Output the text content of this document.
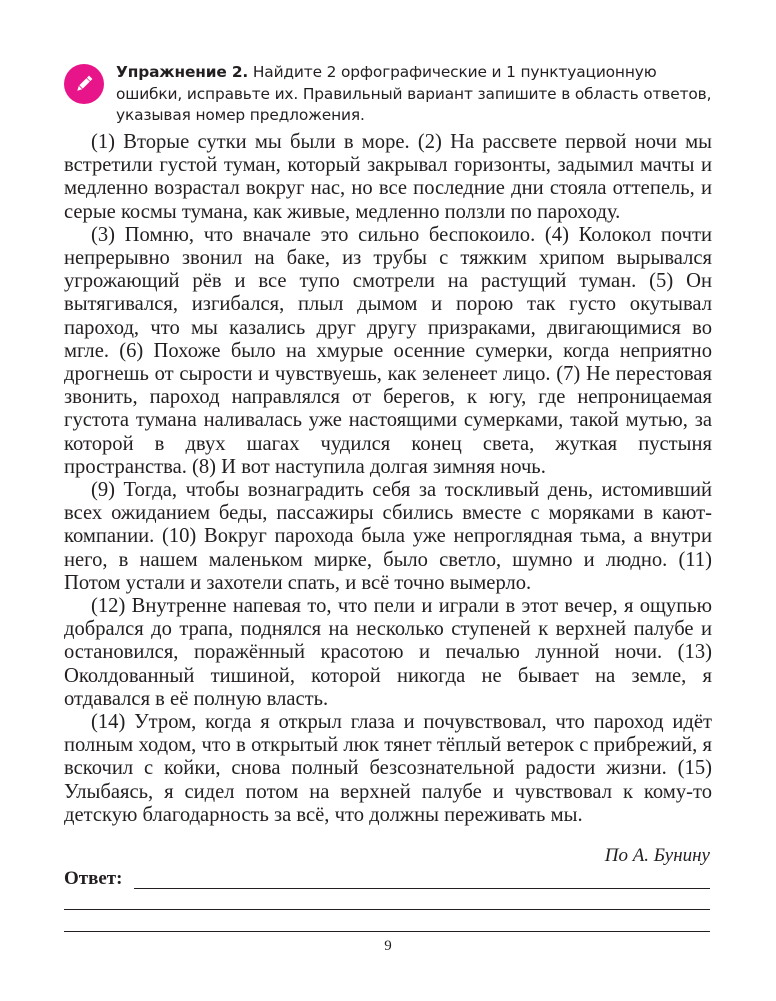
Упражнение 2. Найдите 2 орфографические и 1 пунктуационную ошибки, исправьте их. Правильный вариант запишите в область ответов, указывая номер предложения.

(1) Вторые сутки мы были в море. (2) На рассвете первой ночи мы встретили густой туман, который закрывал горизонты, задымил мачты и медленно возрастал вокруг нас, но все последние дни стояла оттепель, и серые космы тумана, как живые, медленно ползли по пароходу.

(3) Помню, что вначале это сильно беспокоило. (4) Колокол почти непрерывно звонил на баке, из трубы с тяжким хрипом вырывался угрожающий рёв и все тупо смотрели на растущий туман. (5) Он вытягивался, изгибался, плыл дымом и порою так густо окутывал пароход, что мы казались друг другу призраками, двигающимися во мгле. (6) Похоже было на хмурые осенние сумерки, когда неприятно дрогнешь от сырости и чувствуешь, как зеленеет лицо. (7) Не перестовая звонить, пароход направлялся от берегов, к югу, где непроницаемая густота тумана наливалась уже настоящими сумерками, такой мутью, за которой в двух шагах чудился конец света, жуткая пустыня пространства. (8) И вот наступила долгая зимняя ночь.

(9) Тогда, чтобы вознаградить себя за тоскливый день, истомивший всех ожиданием беды, пассажиры сбились вместе с моряками в кают-компании. (10) Вокруг парохода была уже непроглядная тьма, а внутри него, в нашем маленьком мирке, было светло, шумно и людно. (11) Потом устали и захотели спать, и всё точно вымерло.

(12) Внутренне напевая то, что пели и играли в этот вечер, я ощупью добрался до трапа, поднялся на несколько ступеней к верхней палубе и остановился, поражённый красотою и печалью лунной ночи. (13) Околдованный тишиной, которой никогда не бывает на земле, я отдавался в её полную власть.

(14) Утром, когда я открыл глаза и почувствовал, что пароход идёт полным ходом, что в открытый люк тянет тёплый ветерок с прибрежий, я вскочил с койки, снова полный безсознательной радости жизни. (15) Улыбаясь, я сидел потом на верхней палубе и чувствовал к кому-то детскую благодарность за всё, что должны переживать мы.

По А. Бунину
Ответ:
9
